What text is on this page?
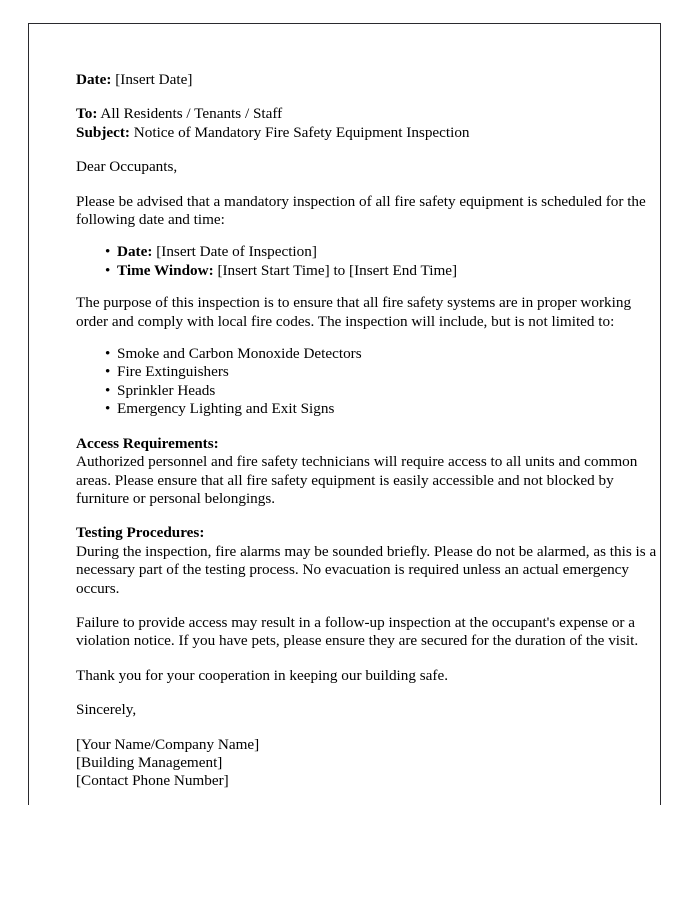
Date: [Insert Date]
To: All Residents / Tenants / Staff
Subject: Notice of Mandatory Fire Safety Equipment Inspection
Dear Occupants,
Please be advised that a mandatory inspection of all fire safety equipment is scheduled for the following date and time:
• Date: [Insert Date of Inspection]
• Time Window: [Insert Start Time] to [Insert End Time]
The purpose of this inspection is to ensure that all fire safety systems are in proper working order and comply with local fire codes. The inspection will include, but is not limited to:
• Smoke and Carbon Monoxide Detectors
• Fire Extinguishers
• Sprinkler Heads
• Emergency Lighting and Exit Signs
Access Requirements:
Authorized personnel and fire safety technicians will require access to all units and common areas. Please ensure that all fire safety equipment is easily accessible and not blocked by furniture or personal belongings.
Testing Procedures:
During the inspection, fire alarms may be sounded briefly. Please do not be alarmed, as this is a necessary part of the testing process. No evacuation is required unless an actual emergency occurs.
Failure to provide access may result in a follow-up inspection at the occupant's expense or a violation notice. If you have pets, please ensure they are secured for the duration of the visit.
Thank you for your cooperation in keeping our building safe.
Sincerely,
[Your Name/Company Name]
[Building Management]
[Contact Phone Number]
